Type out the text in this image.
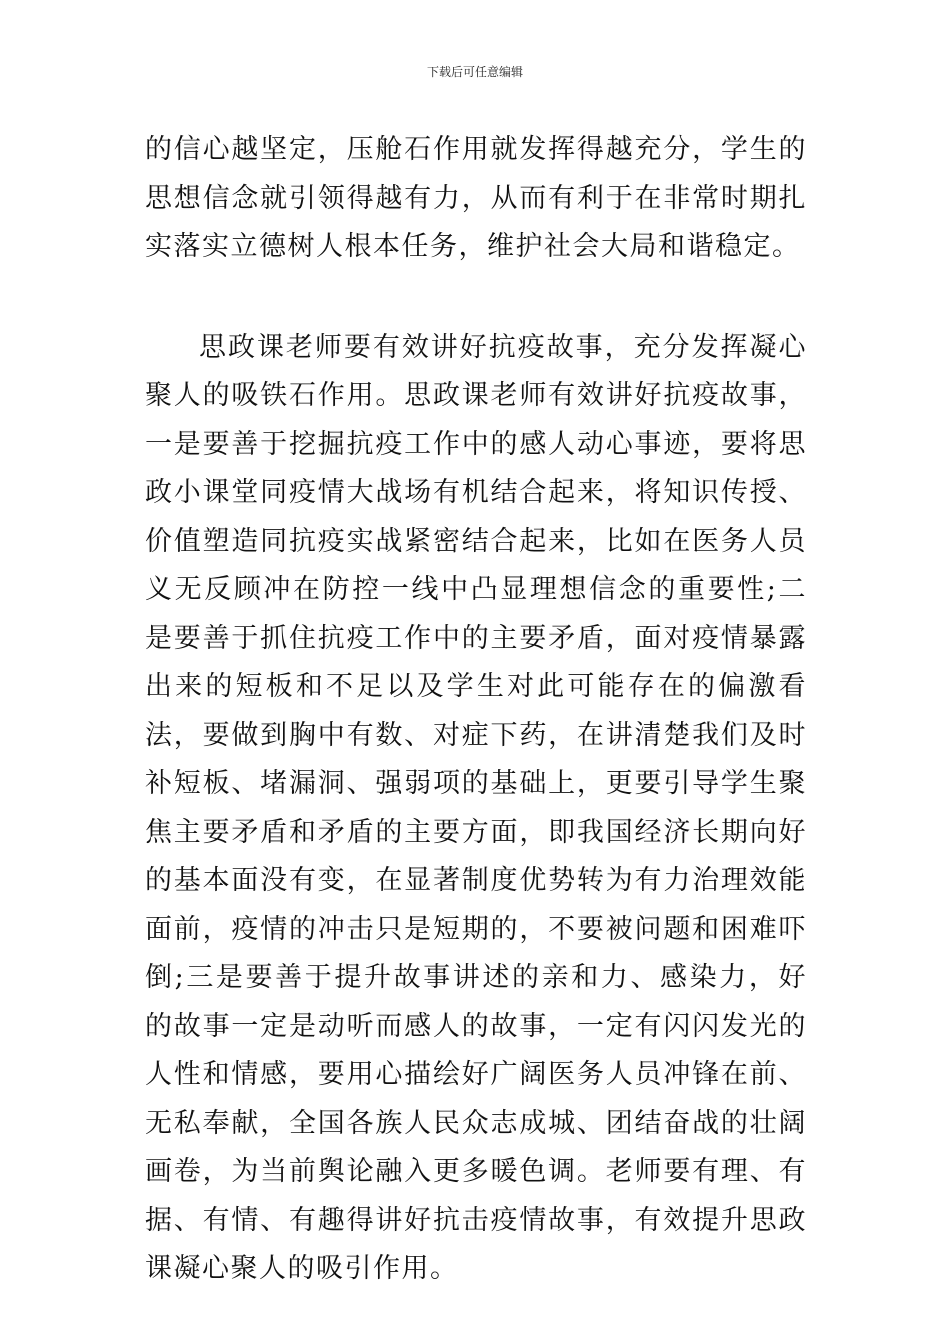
下载后可任意编辑

的信心越坚定，压舱石作用就发挥得越充分，学生的思想信念就引领得越有力，从而有利于在非常时期扎实落实立德树人根本任务，维护社会大局和谐稳定。

思政课老师要有效讲好抗疫故事，充分发挥凝心聚人的吸铁石作用。思政课老师有效讲好抗疫故事，一是要善于挖掘抗疫工作中的感人动心事迹，要将思政小课堂同疫情大战场有机结合起来，将知识传授、价值塑造同抗疫实战紧密结合起来，比如在医务人员义无反顾冲在防控一线中凸显理想信念的重要性;二是要善于抓住抗疫工作中的主要矛盾，面对疫情暴露出来的短板和不足以及学生对此可能存在的偏激看法，要做到胸中有数、对症下药，在讲清楚我们及时补短板、堵漏洞、强弱项的基础上，更要引导学生聚焦主要矛盾和矛盾的主要方面，即我国经济长期向好的基本面没有变，在显著制度优势转为有力治理效能面前，疫情的冲击只是短期的，不要被问题和困难吓倒;三是要善于提升故事讲述的亲和力、感染力，好的故事一定是动听而感人的故事，一定有闪闪发光的人性和情感，要用心描绘好广阔医务人员冲锋在前、无私奉献，全国各族人民众志成城、团结奋战的壮阔画卷，为当前舆论融入更多暖色调。老师要有理、有据、有情、有趣得讲好抗击疫情故事，有效提升思政课凝心聚人的吸引作用。
